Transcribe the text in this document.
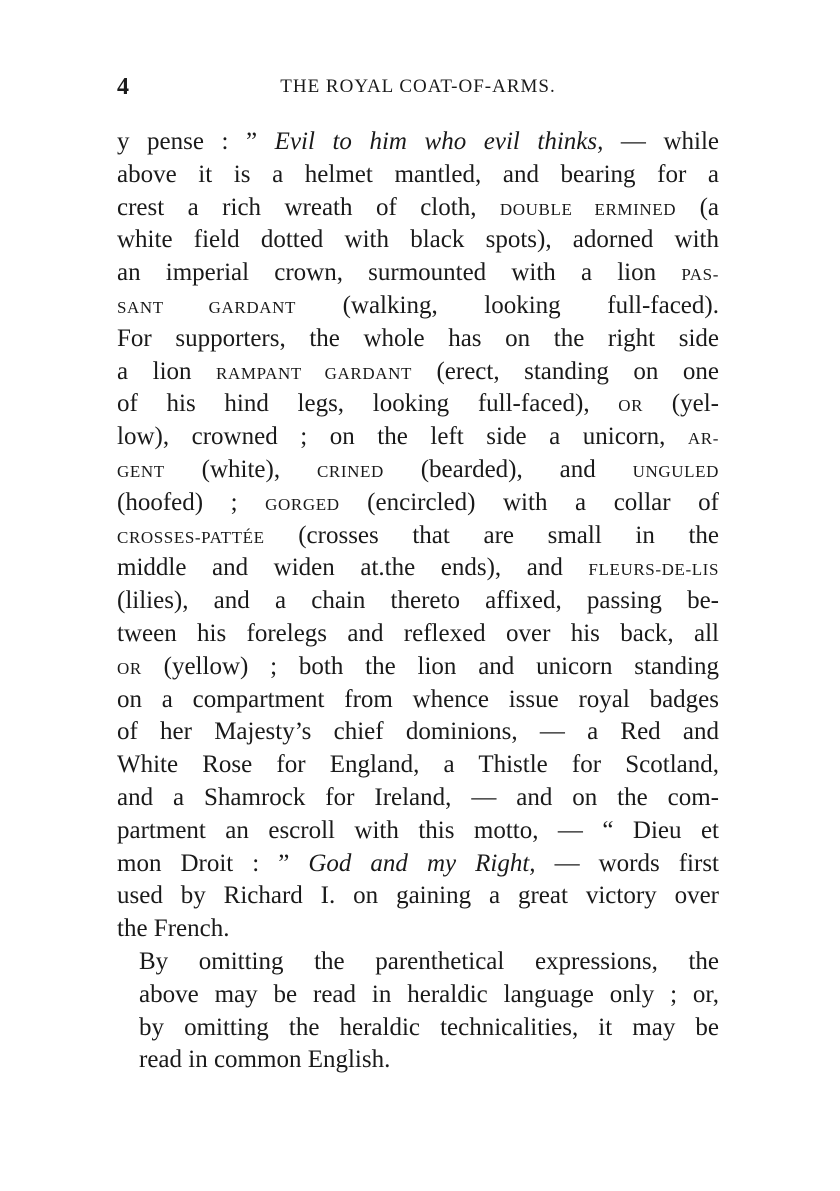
4	THE ROYAL COAT-OF-ARMS.
y pense : ” Evil to him who evil thinks, — while
above it is a helmet mantled, and bearing for a
crest a rich wreath of cloth, DOUBLE ERMINED (a
white field dotted with black spots), adorned with
an imperial crown, surmounted with a lion PAS-
SANT GARDANT (walking, looking full-faced).
For supporters, the whole has on the right side
a lion RAMPANT GARDANT (erect, standing on one
of his hind legs, looking full-faced), OR (yel-
low), crowned ; on the left side a unicorn, AR-
GENT (white), CRINED (bearded), and UNGULED
(hoofed) ; GORGED (encircled) with a collar of
CROSSES-PATTÉE (crosses that are small in the
middle and widen at.the ends), and FLEURS-DE-LIS
(lilies), and a chain thereto affixed, passing be-
tween his forelegs and reflexed over his back, all
OR (yellow) ; both the lion and unicorn standing
on a compartment from whence issue royal badges
of her Majesty’s chief dominions, — a Red and
White Rose for England, a Thistle for Scotland,
and a Shamrock for Ireland, — and on the com-
partment an escroll with this motto, — “ Dieu et
mon Droit : ” God and my Right, — words first
used by Richard I. on gaining a great victory over
the French.
By omitting the parenthetical expressions, the
above may be read in heraldic language only ; or,
by omitting the heraldic technicalities, it may be
read in common English.
